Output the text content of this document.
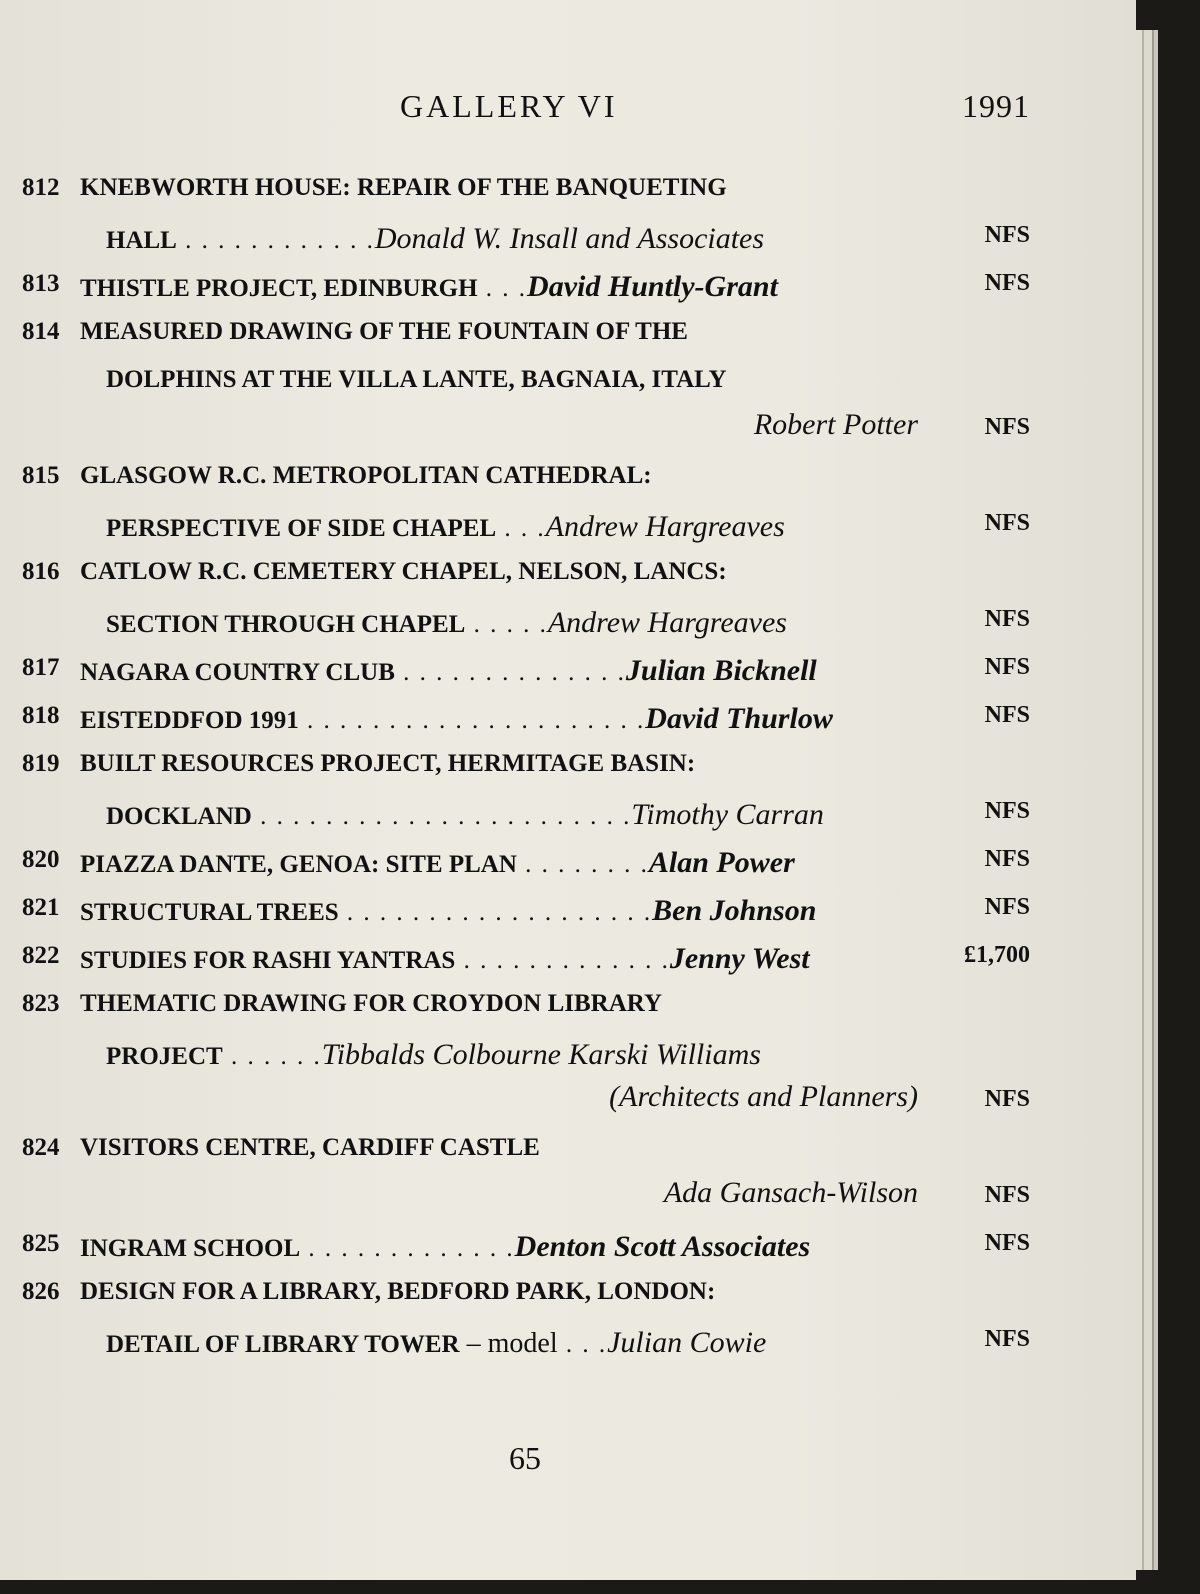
GALLERY VI	1991
812 KNEBWORTH HOUSE: REPAIR OF THE BANQUETING
HALL . . . . . . . . . . . .Donald W. Insall and Associates	NFS
813 THISTLE PROJECT, EDINBURGH . . .David Huntly-Grant	NFS
814 MEASURED DRAWING OF THE FOUNTAIN OF THE
DOLPHINS AT THE VILLA LANTE, BAGNAIA, ITALY
Robert Potter	NFS
815 GLASGOW R.C. METROPOLITAN CATHEDRAL:
PERSPECTIVE OF SIDE CHAPEL . . .Andrew Hargreaves	NFS
816 CATLOW R.C. CEMETERY CHAPEL, NELSON, LANCS:
SECTION THROUGH CHAPEL . . . . .Andrew Hargreaves	NFS
817 NAGARA COUNTRY CLUB . . . . . . . . . . . . . .Julian Bicknell	NFS
818 EISTEDDFOD 1991 . . . . . . . . . . . . . . . . . . . . .David Thurlow	NFS
819 BUILT RESOURCES PROJECT, HERMITAGE BASIN:
DOCKLAND . . . . . . . . . . . . . . . . . . . . . . .Timothy Carran	NFS
820 PIAZZA DANTE, GENOA: SITE PLAN . . . . . . . .Alan Power	NFS
821 STRUCTURAL TREES . . . . . . . . . . . . . . . . . . .Ben Johnson	NFS
822 STUDIES FOR RASHI YANTRAS . . . . . . . . . . . . .Jenny West	£1,700
823 THEMATIC DRAWING FOR CROYDON LIBRARY
PROJECT . . . . . .Tibbalds Colbourne Karski Williams
(Architects and Planners)	NFS
824 VISITORS CENTRE, CARDIFF CASTLE
Ada Gansach-Wilson	NFS
825 INGRAM SCHOOL . . . . . . . . . . . . .Denton Scott Associates	NFS
826 DESIGN FOR A LIBRARY, BEDFORD PARK, LONDON:
DETAIL OF LIBRARY TOWER – model . . .Julian Cowie	NFS
65
